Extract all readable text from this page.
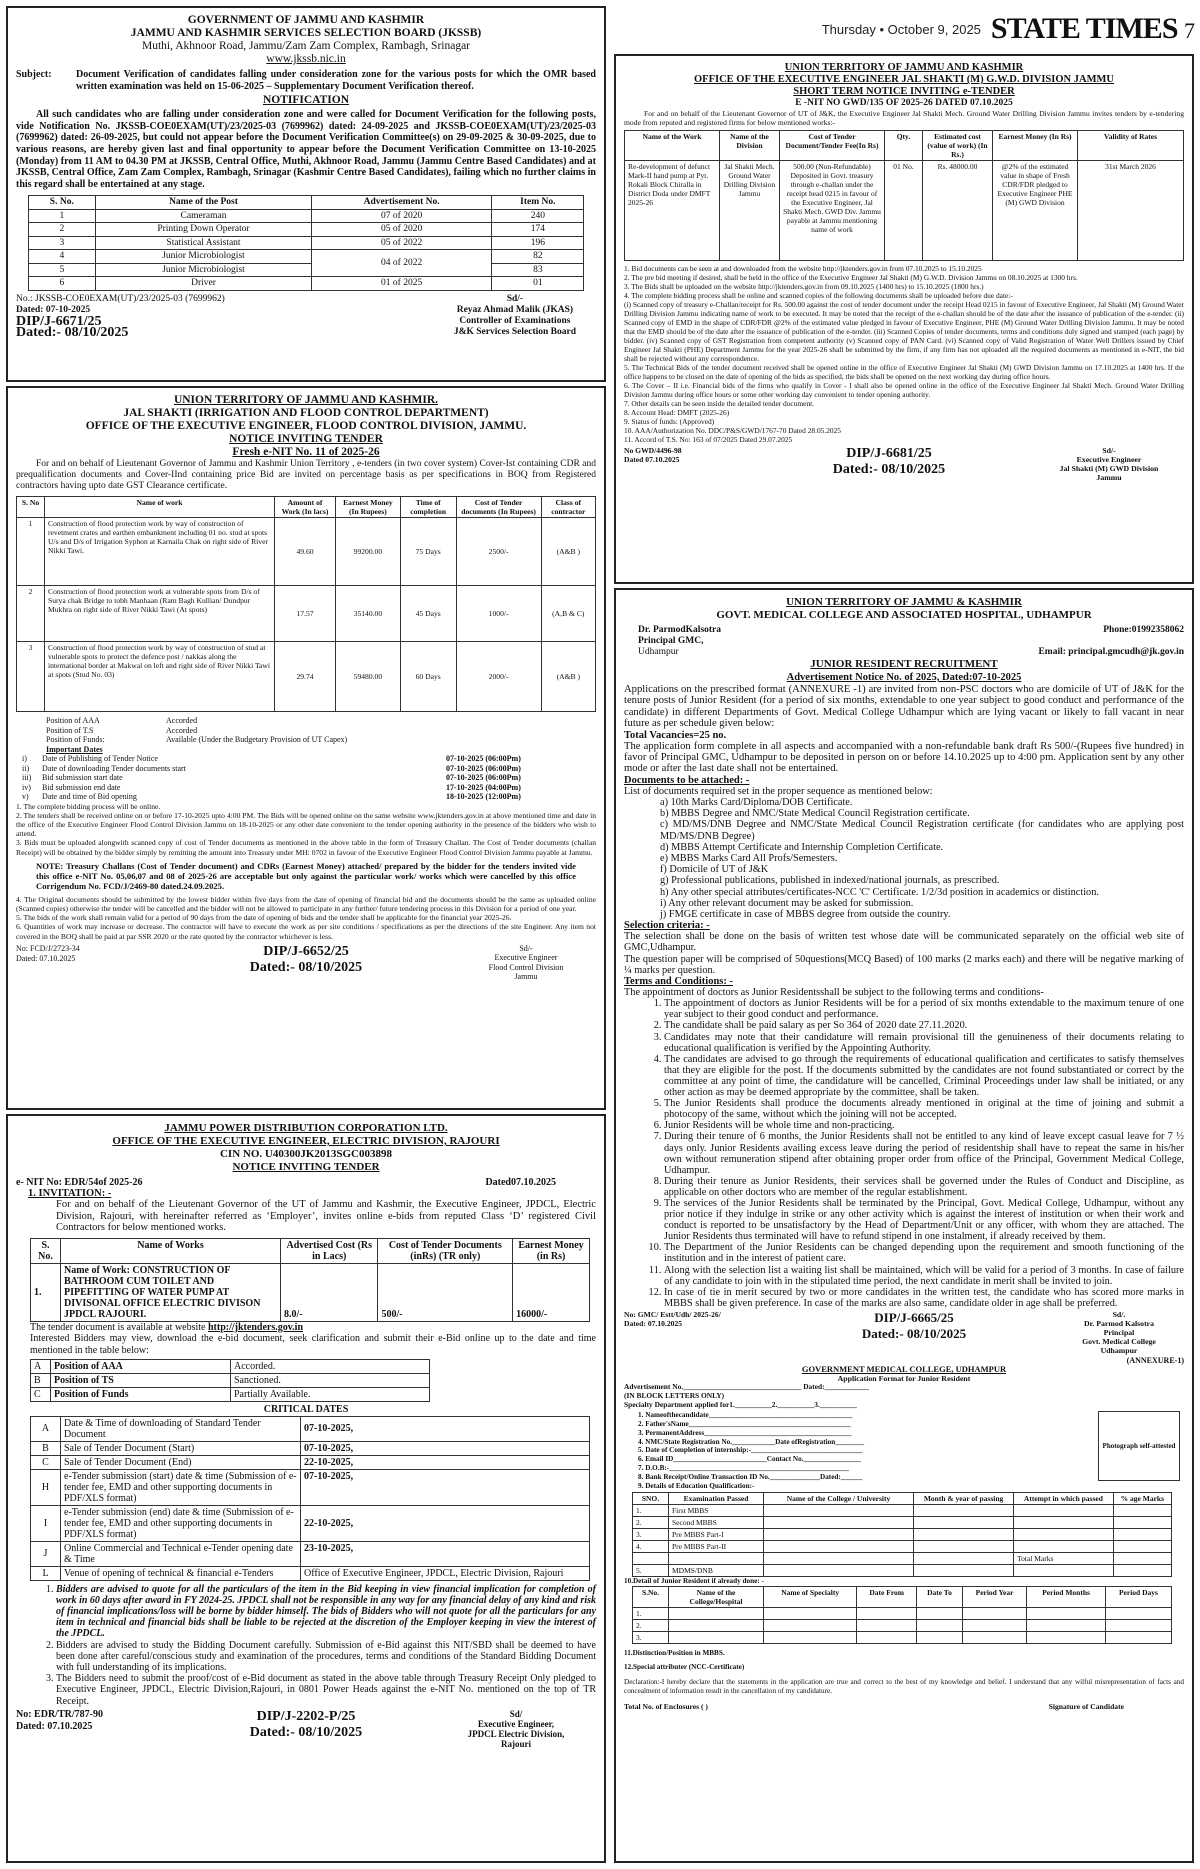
Thursday • October 9, 2025 STATE TIMES 7
GOVERNMENT OF JAMMU AND KASHMIR
JAMMU AND KASHMIR SERVICES SELECTION BOARD (JKSSB)
Muthi, Akhnoor Road, Jammu/Zam Zam Complex, Rambagh, Srinagar
www.jkssb.nic.in
Subject:	Document Verification of candidates falling under consideration zone for the various posts for which the OMR based written examination was held on 15-06-2025 – Supplementary Document Verification thereof.
NOTIFICATION
All such candidates who are falling under consideration zone and were called for Document Verification for the following posts, vide Notification No. JKSSB-COE0EXAM(UT)/23/2025-03 (7699962) dated: 24-09-2025 and JKSSB-COE0EXAM(UT)/23/2025-03 (7699962) dated: 26-09-2025, but could not appear before the Document Verification Committee(s) on 29-09-2025 & 30-09-2025, due to various reasons, are hereby given last and final opportunity to appear before the Document Verification Committee on 13-10-2025 (Monday) from 11 AM to 04.30 PM at JKSSB, Central Office, Muthi, Akhnoor Road, Jammu (Jammu Centre Based Candidates) and at JKSSB, Central Office, Zam Zam Complex, Rambagh, Srinagar (Kashmir Centre Based Candidates), failing which no further claims in this regard shall be entertained at any stage.
S. No.	Name of the Post	Advertisement No.	Item No.
1	Cameraman	07 of 2020	240
2	Printing Down Operator	05 of 2020	174
3	Statistical Assistant	05 of 2022	196
4	Junior Microbiologist	04 of 2022	82
5	Junior Microbiologist		83
6	Driver	01 of 2025	01
No.: JKSSB-COE0EXAM(UT)/23/2025-03 (7699962)
Dated: 07-10-2025
DIP/J-6671/25
Dated:- 08/10/2025
Sd/-
Reyaz Ahmad Malik (JKAS)
Controller of Examinations
J&K Services Selection Board
UNION TERRITORY OF JAMMU AND KASHMIR.
JAL SHAKTI (IRRIGATION AND FLOOD CONTROL DEPARTMENT)
OFFICE OF THE EXECUTIVE ENGINEER, FLOOD CONTROL DIVISION, JAMMU.
NOTICE INVITING TENDER
Fresh e-NIT No. 11 of 2025-26
For and on behalf of Lieutenant Governor of Jammu and Kashmir Union Territory , e-tenders (in two cover system) Cover-Ist containing CDR and prequalification documents and Cover-IInd containing price Bid are invited on percentage basis as per specifications in BOQ from Registered contractors having upto date GST Clearance certificate.
S. No	Name of work	Amount of Work (In lacs)	Earnest Money (In Rupees)	Time of completion	Cost of Tender documents (In Rupees)	Class of contractor
1	Construction of flood protection work by way of construction of revetment crates and earthen embankment including 01 no. stud at spots U/s and D/s of Irrigation Syphon at Karnaila Chak on right side of River Nikki Tawi.	49.60	99200.00	75 Days	2500/-	(A&B )
2	Construction of flood protection work at vulnerable spots from D/s of Surya chak Bridge to tobh Manhaan (Ram Bagh Kullian/ Dundpur Mukhra on right side of River Nikki Tawi (At spots)	17.57	35140.00	45 Days	1000/-	(A,B & C)
3	Construction of flood protection work by way of construction of stud at vulnerable spots to protect the defence post / nakkas along the international border at Makwal on left and right side of River Nikki Tawi at spots (Stud No. 03)	29.74	59480.00	60 Days	2000/-	(A&B )
Position of AAA	Accorded
Position of T.S	Accorded
Position of Funds:	Available (Under the Budgetary Provision of UT Capex)
Important Dates
i)	Date of Publishing of Tender Notice	07-10-2025 (06:00Pm)
ii)	Date of downloading Tender documents start	07-10-2025 (06:00Pm)
iii)	Bid submission start date	07-10-2025 (06:00Pm)
iv)	Bid submission end date	17-10-2025 (04:00Pm)
v)	Date and time of Bid opening	18-10-2025 (12:00Pm)
1. The complete bidding process will be online.
2. The tenders shall be received online on or before 17-10-2025 upto 4:00 PM. The Bids will be opened online on the same website www.jktenders.gov.in at above mentioned time and date in the office of the Executive Engineer Flood Control Division Jammu on 18-10-2025 or any other date convenient to the tender opening authority in the presence of the bidders who wish to attend.
3. Bids must be uploaded alongwith scanned copy of cost of Tender documents as mentioned in the above table in the form of Treasury Challan. The Cost of Tender documents (challan Receipt) will be obtained by the bidder simply by remitting the amount into Treasury under MH: 0702 in favour of the Executive Engineer Flood Control Division Jammu payable at Jammu.
NOTE: Treasury Challans (Cost of Tender document) and CDRs (Earnest Money) attached/ prepared by the bidder for the tenders invited vide this office e-NIT No. 05,06,07 and 08 of 2025-26 are acceptable but only against the particular work/ works which were cancelled by this office Corrigendum No. FCD/J/2469-80 dated.24.09.2025.
4. The Original documents should be submitted by the lowest bidder within five days from the date of opening of financial bid and the documents should be the same as uploaded online (Scanned copies) otherwise the tender will be cancelled and the bidder will not be allowed to participate in any further/ future tendering process in this Division for a period of one year.
5. The bids of the work shall remain valid for a period of 90 days from the date of opening of bids and the tender shall be applicable for the financial year 2025-26.
6. Quantities of work may increase or decrease. The contractor will have to execute the work as per site conditions / specifications as per the directions of the site Engineer. Any item not covered in the BOQ shall be paid at par SSR 2020 or the rate quoted by the contractor whichever is less.
No: FCD/J/2723-34
Dated: 07.10.2025	DIP/J-6652/25
Dated:- 08/10/2025
Sd/-
Executive Engineer
Flood Control Division
Jammu
JAMMU POWER DISTRIBUTION CORPORATION LTD.
OFFICE OF THE EXECUTIVE ENGINEER, ELECTRIC DIVISION, RAJOURI
CIN NO. U40300JK2013SGC003898
NOTICE INVITING TENDER
e- NIT No: EDR/54of 2025-26	Dated07.10.2025
1. INVITATION: -
For and on behalf of the Lieutenant Governor of the UT of Jammu and Kashmir, the Executive Engineer, JPDCL, Electric Division, Rajouri, with hereinafter referred as ‘Employer’, invites online e-bids from reputed Class ‘D’ registered Civil Contractors for below mentioned works.
S. No.	Name of Works	Advertised Cost (Rs in Lacs)	Cost of Tender Documents (inRs) (TR only)	Earnest Money (in Rs)
1.	Name of Work: CONSTRUCTION OF BATHROOM CUM TOILET AND PIPEFITTING OF WATER PUMP AT DIVISONAL OFFICE ELECTRIC DIVISON JPDCL RAJOURI.	8.0/-	500/-	16000/-
The tender document is available at website http://jktenders.gov.in
Interested Bidders may view, download the e-bid document, seek clarification and submit their e-Bid online up to the date and time mentioned in the table below:
A	Position of AAA	Accorded.
B	Position of TS	Sanctioned.
C	Position of Funds	Partially Available.
CRITICAL DATES
A	Date & Time of downloading of Standard Tender Document	07-10-2025,
B	Sale of Tender Document (Start)	07-10-2025,
C	Sale of Tender Document (End)	22-10-2025,
H	e-Tender submission (start) date & time (Submission of e-tender fee, EMD and other supporting documents in PDF/XLS format)	07-10-2025,
I	e-Tender submission (end) date & time (Submission of e-tender fee, EMD and other supporting documents in PDF/XLS format)	22-10-2025,
J	Online Commercial and Technical e-Tender opening date & Time	23-10-2025,
L	Venue of opening of technical & financial e-Tenders	Office of Executive Engineer, JPDCL, Electric Division, Rajouri
1. Bidders are advised to quote for all the particulars of the item in the Bid keeping in view financial implication for completion of work in 60 days after award in FY 2024-25. JPDCL shall not be responsible in any way for any financial delay of any kind and risk of financial implications/loss will be borne by bidder himself. The bids of Bidders who will not quote for all the particulars for any item in technical and financial bids shall be liable to be rejected at the discretion of the Employer keeping in view the interest of the JPDCL.
2. Bidders are advised to study the Bidding Document carefully. Submission of e-Bid against this NIT/SBD shall be deemed to have been done after careful/conscious study and examination of the procedures, terms and conditions of the Standard Bidding Document with full understanding of its implications.
3. The Bidders need to submit the proof/cost of e-Bid document as stated in the above table through Treasury Receipt Only pledged to Executive Engineer, JPDCL, Electric Division,Rajouri, in 0801 Power Heads against the e-NIT No. mentioned on the top of TR Receipt.
No: EDR/TR/787-90
Dated: 07.10.2025
DIP/J-2202-P/25
Dated:- 08/10/2025
Sd/
Executive Engineer,
JPDCL Electric Division,
Rajouri
UNION TERRITORY OF JAMMU AND KASHMIR
OFFICE OF THE EXECUTIVE ENGINEER JAL SHAKTI (M) G.W.D. DIVISION JAMMU
SHORT TERM NOTICE INVITING e-TENDER
E -NIT NO GWD/135 OF 2025-26 DATED 07.10.2025
For and on behalf of the Lieutenant Governor of UT of J&K, the Executive Engineer Jal Shakti Mech. Ground Water Drilling Division Jammu invites tenders by e-tendering mode from reputed and registered firms for below mentioned works:-
Name of the Work	Name of the Division	Cost of Tender Document/Tender Fee(In Rs)	Qty.	Estimated cost (value of work) (In Rs.)	Earnest Money (In Rs)	Validity of Rates
Re-development of defunct Mark-II hand pump at Pyt. Rokali Block Chiralla in District Doda under DMFT 2025-26	Jal Shakti Mech. Ground Water Drilling Division Jammu	500.00 (Non-Refundable) Deposited in Govt. treasury through e-challan under the receipt head 0215 in favour of the Executive Engineer, Jal Shakti Mech. GWD Div. Jammu payable at Jammu mentioning name of work	01 No.	Rs. 48000.00	@2% of the estimated value in shape of Fresh CDR/FDR pledged to Executive Engineer PHE (M) GWD Division	31st March 2026
1. Bid documents can be seen at and downloaded from the website http://jktenders.gov.in from 07.10.2025 to 15.10.2025
2. The pre bid meeting if desired, shall be held in the office of the Executive Engineer Jal Shakti (M) G.W.D. Division Jammu on 08.10.2025 at 1300 hrs.
3. The Bids shall be uploaded on the website http://jktenders.gov.in from 09.10.2025 (1400 hrs) to 15.10.2025 (1800 hrs.)
4. The complete bidding process shall be online and scanned copies of the following documents shall be uploaded before due date:-
(i) Scanned copy of treasury e-Challan/receipt for Rs. 500.00 against the cost of tender document under the receipt Head 0215 in favour of Executive Engineer, Jal Shakti (M) Ground Water Drilling Division Jammu indicating name of work to be executed. It may be noted that the receipt of the e-challan should be of the date after the issuance of publication of the e-tender. (ii) Scanned copy of EMD in the shape of CDR/FDR @2% of the estimated value pledged in favour of Executive Engineer, PHE (M) Ground Water Drilling Division Jammu. It may be noted that the EMD should be of the date after the issuance of publication of the e-tender. (iii) Scanned Copies of tender documents, terms and conditions duly signed and stamped (each page) by bidder. (iv) Scanned copy of GST Registration from competent authority (v) Scanned copy of PAN Card. (vi) Scanned copy of Valid Registration of Water Well Drillers issued by Chief Engineer Jal Shakti (PHE) Department Jammu for the year 2025-26 shall be submitted by the firm, if any firm has not uploaded all the required documents as mentioned in e-NIT, the bid shall be rejected without any correspondence.
5. The Technical Bids of the tender document received shall be opened online in the office of Executive Engineer Jal Shakti (M) GWD Division Jammu on 17.10.2025 at 1400 hrs. If the office happens to be closed on the date of opening of the bids as specified, the bids shall be opened on the next working day during office hours.
6. The Cover – II i.e. Financial bids of the firms who qualify in Cover - I shall also be opened online in the office of the Executive Engineer Jal Shakti Mech. Ground Water Drilling Division Jammu during office hours or some other working day convenient to tender opening authority.
7. Other details can be seen inside the detailed tender document.
8. Account Head: DMFT (2025-26)
9. Status of funds: (Approved)
10. AAA/Authorization No. DDC/P&S/GWD/1767-70 Dated 28.05.2025
11. Accord of T.S. No: 163 of 07/2025 Dated 29.07.2025
No GWD/4496-98
Dated 07.10.2025	DIP/J-6681/25
Dated:- 08/10/2025
Sd/-
Executive Engineer
Jal Shakti (M) GWD Division
Jammu
UNION TERRITORY OF JAMMU & KASHMIR
GOVT. MEDICAL COLLEGE AND ASSOCIATED HOSPITAL, UDHAMPUR
Dr. ParmodKalsotra
Principal GMC,
Udhampur
Phone:01992358062
Email: principal.gmcudh@jk.gov.in
JUNIOR RESIDENT RECRUITMENT
Advertisement Notice No. of 2025, Dated:07-10-2025
Applications on the prescribed format (ANNEXURE -1) are invited from non-PSC doctors who are domicile of UT of J&K for the tenure posts of Junior Resident (for a period of six months, extendable to one year subject to good conduct and performance of the candidate) in different Departments of Govt. Medical College Udhampur which are lying vacant or likely to fall vacant in near future as per schedule given below:
Total Vacancies=25 no.
The application form complete in all aspects and accompanied with a non-refundable bank draft Rs 500/-(Rupees five hundred) in favor of Principal GMC, Udhampur to be deposited in person on or before 14.10.2025 up to 4:00 pm. Application sent by any other mode or after the last date shall not be entertained.
Documents to be attached: -
List of documents required set in the proper sequence as mentioned below:
a) 10th Marks Card/Diploma/DOB Certificate.
b) MBBS Degree and NMC/State Medical Council Registration certificate.
c) MD/MS/DNB Degree and NMC/State Medical Council Registration certificate (for candidates who are applying post MD/MS/DNB Degree)
d) MBBS Attempt Certificate and Internship Completion Certificate.
e) MBBS Marks Card All Profs/Semesters.
f) Domicile of UT of J&K
g) Professional publications, published in indexed/national journals, as prescribed.
h) Any other special attributes/certificates-NCC 'C' Certificate. 1/2/3d position in academics or distinction.
i) Any other relevant document may be asked for submission.
j) FMGE certificate in case of MBBS degree from outside the country.
Selection criteria: -
The selection shall be done on the basis of written test whose date will be communicated separately on the official web site of GMC,Udhampur.
The question paper will be comprised of 50questions(MCQ Based) of 100 marks (2 marks each) and there will be negative marking of ¼ marks per question.
Terms and Conditions: -
The appointment of doctors as Junior Residentsshall be subject to the following terms and conditions-
1. The appointment of doctors as Junior Residents will be for a period of six months extendable to the maximum tenure of one year subject to their good conduct and performance.
2. The candidate shall be paid salary as per So 364 of 2020 date 27.11.2020.
3. Candidates may note that their candidature will remain provisional till the genuineness of their documents relating to educational qualification is verified by the Appointing Authority.
4. The candidates are advised to go through the requirements of educational qualification and certificates to satisfy themselves that they are eligible for the post. If the documents submitted by the candidates are not found substantiated or correct by the committee at any point of time, the candidature will be cancelled, Criminal Proceedings under law shall be initiated, or any other action as may be deemed appropriate by the committee, shall be taken.
5. The Junior Residents shall produce the documents already mentioned in original at the time of joining and submit a photocopy of the same, without which the joining will not be accepted.
6. Junior Residents will be whole time and non-practicing.
7. During their tenure of 6 months, the Junior Residents shall not be entitled to any kind of leave except casual leave for 7 ½ days only. Junior Residents availing excess leave during the period of residentship shall have to repeat the same in his/her own without remuneration stipend after obtaining proper order from office of the Principal, Government Medical College, Udhampur.
8. During their tenure as Junior Residents, their services shall be governed under the Rules of Conduct and Discipline, as applicable on other doctors who are member of the regular establishment.
9. The services of the Junior Residents shall be terminated by the Principal, Govt. Medical College, Udhampur, without any prior notice if they indulge in strike or any other activity which is against the interest of institution or when their work and conduct is reported to be unsatisfactory by the Head of Department/Unit or any officer, with whom they are attached. The Junior Residents thus terminated will have to refund stipend in one instalment, if already received by them.
10. The Department of the Junior Residents can be changed depending upon the requirement and smooth functioning of the institution and in the interest of patient care.
11. Along with the selection list a waiting list shall be maintained, which will be valid for a period of 3 months. In case of failure of any candidate to join with in the stipulated time period, the next candidate in merit shall be invited to join.
12. In case of tie in merit secured by two or more candidates in the written test, the candidate who has scored more marks in MBBS shall be given preference. In case of the marks are also same, candidate older in age shall be preferred.
No: GMC/ Estt/Udh/ 2025-26/
Dated: 07.10.2025	DIP/J-6665/25
Dated:- 08/10/2025
Sd/.
Dr. Parmod Kalsotra
Principal
Govt. Medical College
Udhampur
(ANNEXURE-1)
GOVERNMENT MEDICAL COLLEGE, UDHAMPUR
Application Format for Junior Resident
Advertisement No.________________________________ Dated:____________
(IN BLOCK LETTERS ONLY)
Specialty Department applied for1.__________2.__________3.__________
1. Nameofthecandidate________________________________________
2. Father'sName_____________________________________________
3. PermanentAddress_________________________________________
4. NMC/State Registration No.____________Date ofRegistration________
5. Date of Completion of internship:-_______________________________
6. Email ID__________________________Contact No.________________
7. D.O.B:-__________________________________________________
8. Bank Receipt/Online Transaction ID No.______________Dated:______
9. Details of Education Qualification:-
Photograph self-attested
SNO.	Examination Passed	Name of the College / University	Month & year of passing	Attempt in which passed	% age Marks
1.	First MBBS				
2.	Second MBBS				
3.	Pre MBBS Part-I				
4.	Pre MBBS Part-II				
				Total Marks	
5.	MDMS/DNB				
10.Detail of Junior Resident if already done: -
S.No.	Name of the College/Hospital	Name of Specialty	Date From	Date To	Period Year	Period Months	Period Days
1.							
2.							
3.							
11.Distinction/Position in MBBS.
12.Special attributer (NCC-Certificate)
Declaration:-I hereby declare that the statements in the application are true and correct to the best of my knowledge and belief. I understand that any wilful misrepresentation of facts and concealment of information result in the cancellation of my candidature.
Total No. of Enclosures ( )	Signature of Candidate
